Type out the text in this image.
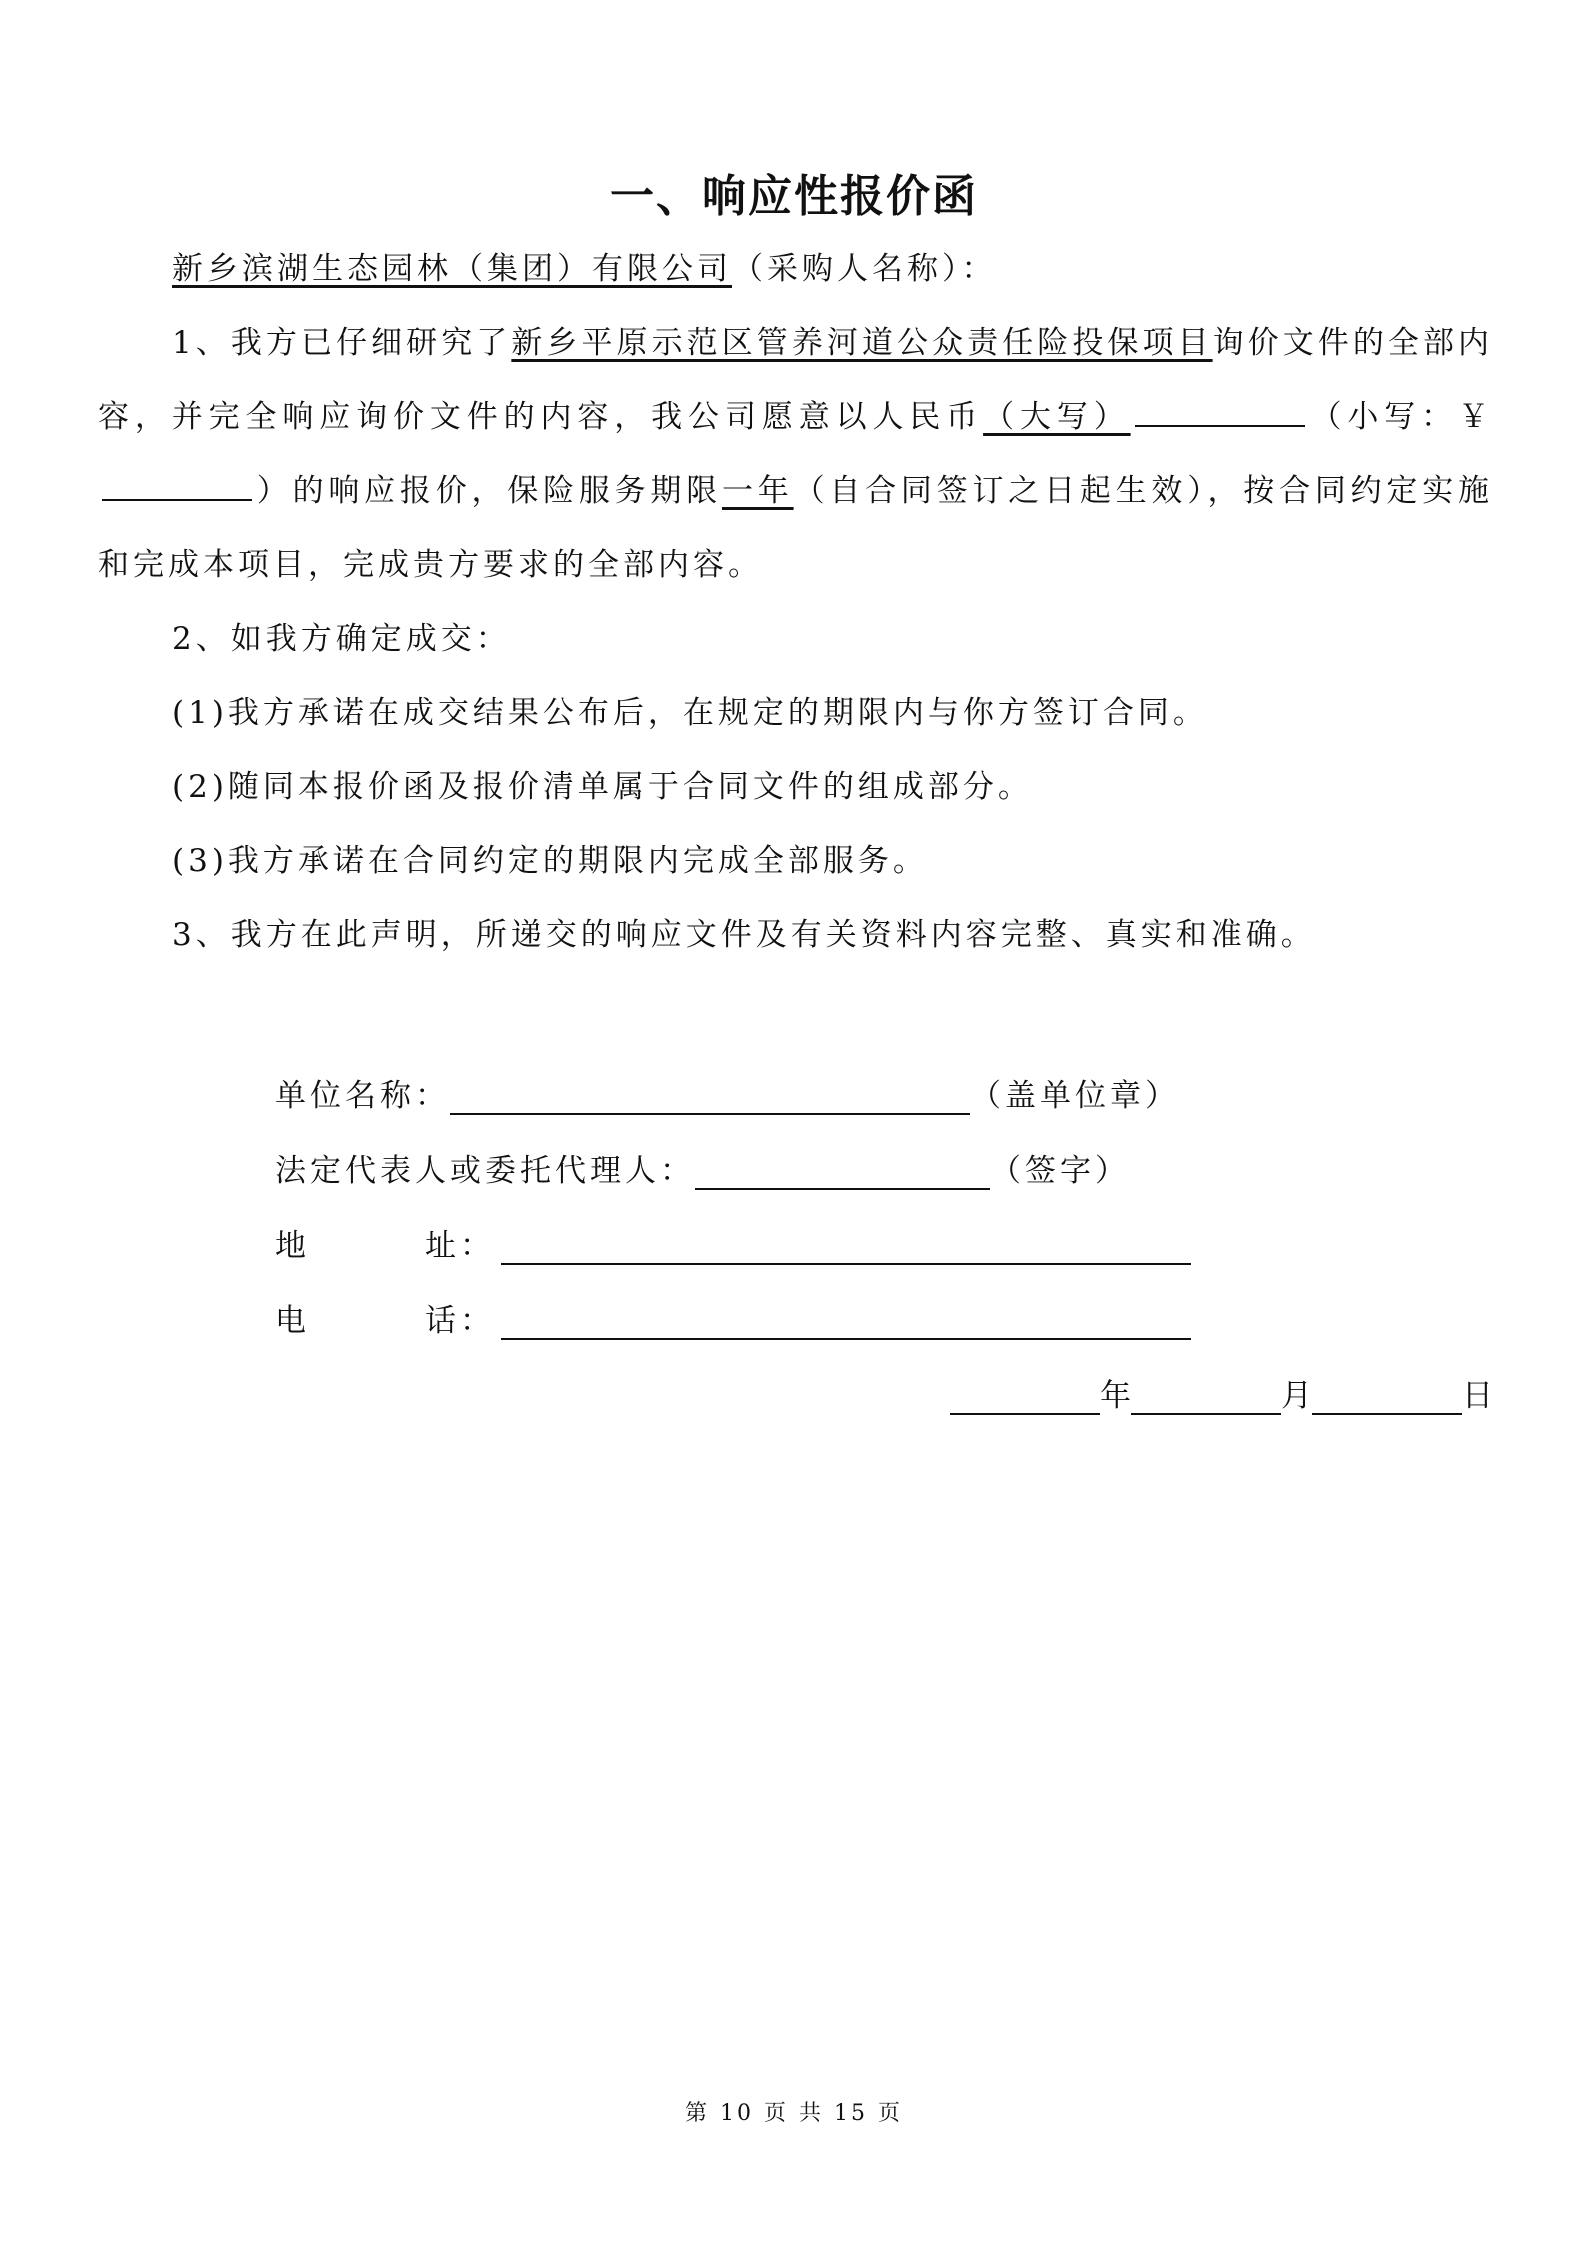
一、响应性报价函
新乡滨湖生态园林（集团）有限公司（采购人名称）：
1、我方已仔细研究了新乡平原示范区管养河道公众责任险投保项目询价文件的全部内容，并完全响应询价文件的内容，我公司愿意以人民币（大写）	（小写：￥）的响应报价，保险服务期限一年（自合同签订之日起生效），按合同约定实施和完成本项目，完成贵方要求的全部内容。
2、如我方确定成交：
(1)我方承诺在成交结果公布后，在规定的期限内与你方签订合同。
(2)随同本报价函及报价清单属于合同文件的组成部分。
(3)我方承诺在合同约定的期限内完成全部服务。
3、我方在此声明，所递交的响应文件及有关资料内容完整、真实和准确。
单位名称：	（盖单位章）
法定代表人或委托代理人：	（签字）
地	址：
电	话：
年	月	日
第 10 页 共 15 页
